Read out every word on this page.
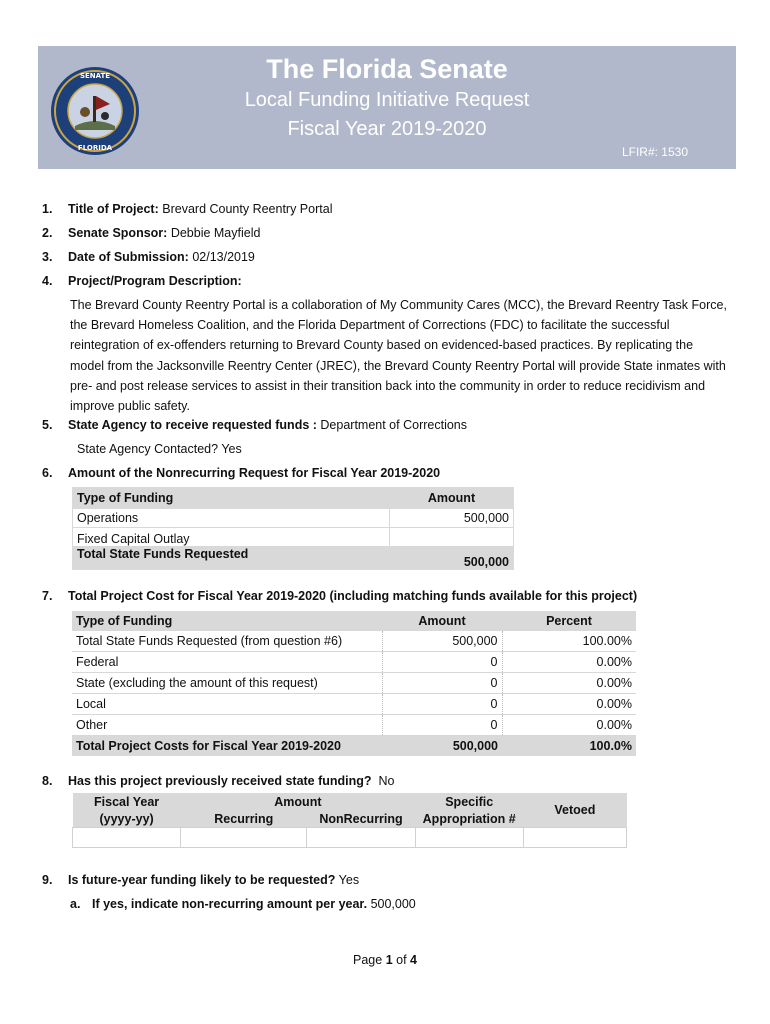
SENATE
FLORIDA
The Florida Senate
Local Funding Initiative Request
Fiscal Year 2019-2020
LFIR#: 1530
1. Title of Project: Brevard County Reentry Portal
2. Senate Sponsor: Debbie Mayfield
3. Date of Submission: 02/13/2019
4. Project/Program Description:
The Brevard County Reentry Portal is a collaboration of My Community Cares (MCC), the Brevard Reentry Task Force, the Brevard Homeless Coalition, and the Florida Department of Corrections (FDC) to facilitate the successful reintegration of ex-offenders returning to Brevard County based on evidenced-based practices. By replicating the model from the Jacksonville Reentry Center (JREC), the Brevard County Reentry Portal will provide State inmates with pre- and post release services to assist in their transition back into the community in order to reduce recidivism and improve public safety.
5. State Agency to receive requested funds : Department of Corrections
State Agency Contacted? Yes
6. Amount of the Nonrecurring Request for Fiscal Year 2019-2020
Type of Funding	Amount
Operations	500,000
Fixed Capital Outlay	
Total State Funds Requested	500,000
7. Total Project Cost for Fiscal Year 2019-2020 (including matching funds available for this project)
Type of Funding	Amount	Percent
Total State Funds Requested (from question #6)	500,000	100.00%
Federal	0	0.00%
State (excluding the amount of this request)	0	0.00%
Local	0	0.00%
Other	0	0.00%
Total Project Costs for Fiscal Year 2019-2020	500,000	100.0%
8. Has this project previously received state funding? No
Fiscal Year	Amount		Specific	Vetoed
(yyyy-yy)	Recurring	NonRecurring	Appropriation #	

9. Is future-year funding likely to be requested? Yes
a. If yes, indicate non-recurring amount per year. 500,000
Page 1 of 4
